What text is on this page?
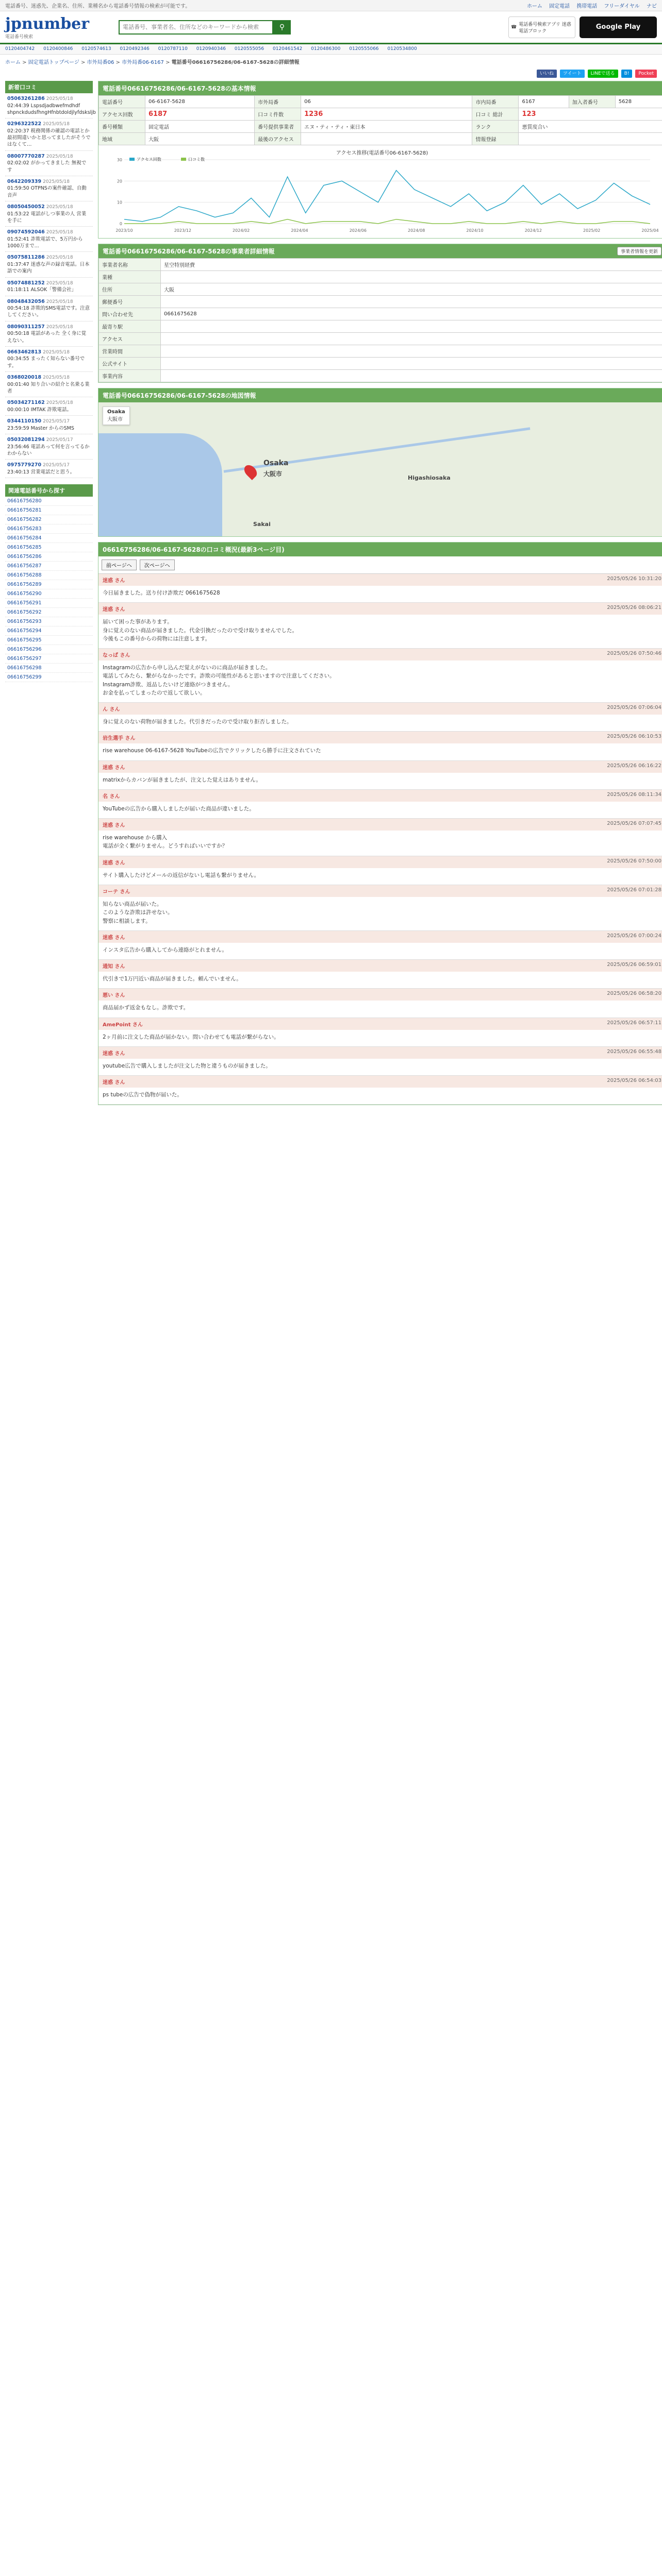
電話番号、迷惑先、企業名、住所、業種名から電話番号情報の検索が可能です。	ホーム 固定電話 携帯電話 フリーダイヤル ナビ
jpnumber
電話番号検索
電話番号、事業者名、住所などのキーワードから検索
⚲	☎ 電話番号検索アプリ 迷惑電話ブロック
Google Play
0120404742 0120400846 0120574613 0120492346 0120787110 0120940346 0120555056 0120461542 0120486300 0120555066 0120534800
ホーム > 固定電話トップページ > 市外局番06 > 市外局番06-6167 > 電話番号06616756286/06-6167-5628の詳細情報
いいね	ツイート	LINEで送る	B!	Pocket
新着口コミ
05063261286 2025/05/18
02:44:39 Lspsdjadbwefmdhdf shpnckdudsfhngHfnbtdoldjlyfdsksljb
0296322522 2025/05/18
02:20:37 税務関係の確認の電話とか 最初間違いかと思ってましたがそうではなくて…
08007770287 2025/05/18
02:02:02 がかってきました 無視です
0642209339 2025/05/18
01:59:50 OTPNSの案件確認、自動音声
08050450052 2025/05/18
01:53:22 電話がしつ事業の人 営業を手に
09074592046 2025/05/18
01:52:41 詐欺電話で、5万円から1000万まで...
05075811286 2025/05/18
01:37:47 迷惑な声の録音電話。日本語での案内
05074881252 2025/05/18
01:18:11 ALSOK「警備会社」
08048432056 2025/05/18
00:54:18 詐欺的SMS電話です。注意してください。
08090311257 2025/05/18
00:50:18 電話があった 全く身に覚えない。
0663462813 2025/05/18
00:34:55 まったく知らない番号です。
0368020018 2025/05/18
00:01:40 知り合いの紹介と名乗る業者
05034271162 2025/05/18
00:00:10 IMTAK 詐欺電話。
0344110150 2025/05/17
23:59:59 Master からのSMS
05032081294 2025/05/17
23:56:46 電話あって何を言ってるかわからない
0975779270 2025/05/17
23:40:13 営業電話だと思う。
関連電話番号から探す
06616756280
06616756281
06616756282
06616756283
06616756284
06616756285
06616756286
06616756287
06616756288
06616756289
06616756290
06616756291
06616756292
06616756293
06616756294
06616756295
06616756296
06616756297
06616756298
06616756299
電話番号06616756286/06-6167-5628の基本情報
電話番号	06-6167-5628	市外局番	06	市内局番	6167	加入者番号	5628
アクセス回数	6187	口コミ件数	1236	口コミ 総計	123		
番号種類	固定電話	番号提供事業者	エヌ・ティ・ティ・東日本	ランク	悪質度合い		
地域	大阪	最後のアクセス		情報登録			
アクセス推移(電話番号06-6167-5628)
0
10
20
30
2023/10	2023/12	2024/02	2024/04	2024/06	2024/08	2024/10	2024/12	2025/02	2025/04
アクセス回数	口コミ数
電話番号06616756286/06-6167-5628の事業者詳細情報	事業者情報を更新
事業者名称	星空特別経費
業種	
住所	大阪
郵便番号	
問い合わせ先	0661675628
最寄り駅	
アクセス	
営業時間	
公式サイト	
事業内容	
電話番号06616756286/06-6167-5628の地図情報
Osaka
大阪市
Osaka
大阪市
Higashiosaka
Sakai
06616756286/06-6167-5628の口コミ概況(最新3ページ目)
前ページへ	次ページへ
迷惑 さん	2025/05/26 10:31:20
今日届きました。送り付け詐欺だ 0661675628
迷惑 さん	2025/05/26 08:06:21
届いて困った事があります。
身に覚えのない商品が届きました。代金引換だったので受け取りませんでした。
今後もこの番号からの荷物には注意します。
なっぱ さん	2025/05/26 07:50:46
Instagramの広告から申し込んだ覚えがないのに商品が届きました。
電話してみたら、繋がらなかったです。詐欺の可能性があると思いますので注意してください。
Instagram詐欺、返品したいけど連絡がつきません。
お金を払ってしまったので返して欲しい。
ん さん	2025/05/26 07:06:04
身に覚えのない荷物が届きました。代引きだったので受け取り拒否しました。
岩生選手 さん	2025/05/26 06:10:53
rise warehouse 06-6167-5628 YouTubeの広告でクリックしたら勝手に注文されていた
迷惑 さん	2025/05/26 06:16:22
matrixからカバンが届きましたが、注文した覚えはありません。
名 さん	2025/05/26 08:11:34
YouTubeの広告から購入しましたが届いた商品が違いました。
迷惑 さん	2025/05/26 07:07:45
rise warehouse から購入
電話が全く繋がりません。どうすればいいですか？
迷惑 さん	2025/05/26 07:50:00
サイト購入したけどメールの返信がないし電話も繋がりません。
コーテ さん	2025/05/26 07:01:28
知らない商品が届いた。
このような詐欺は許せない。
警察に相談します。
迷惑 さん	2025/05/26 07:00:24
インスタ広告から購入してから連絡がとれません。
通知 さん	2025/05/26 06:59:01
代引きで1万円近い商品が届きました。頼んでいません。
悪い さん	2025/05/26 06:58:20
商品届かず返金もなし。詐欺です。
AmePoint さん	2025/05/26 06:57:11
2ヶ月前に注文した商品が届かない。問い合わせても電話が繋がらない。
迷惑 さん	2025/05/26 06:55:48
youtube広告で購入しましたが注文した物と違うものが届きました。
迷惑 さん	2025/05/26 06:54:03
ps tubeの広告で偽物が届いた。
